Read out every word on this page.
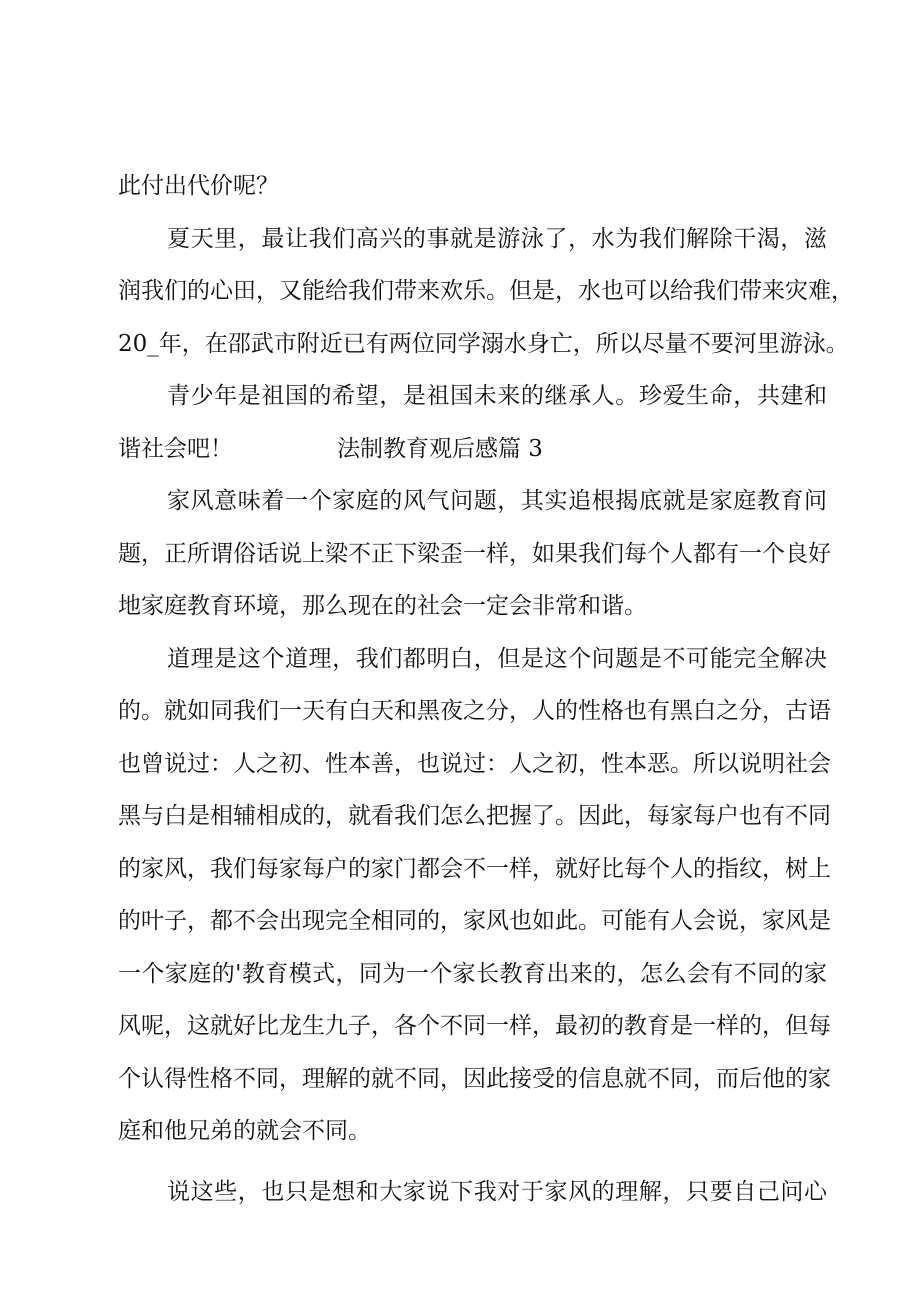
此付出代价呢？
夏天里，最让我们高兴的事就是游泳了，水为我们解除干渴，滋
润我们的心田，又能给我们带来欢乐。但是，水也可以给我们带来灾难，
20_年，在邵武市附近已有两位同学溺水身亡，所以尽量不要河里游泳。
青少年是祖国的希望，是祖国未来的继承人。珍爱生命，共建和
谐社会吧！	法制教育观后感篇 3
家风意味着一个家庭的风气问题，其实追根揭底就是家庭教育问
题，正所谓俗话说上梁不正下梁歪一样，如果我们每个人都有一个良好
地家庭教育环境，那么现在的社会一定会非常和谐。
道理是这个道理，我们都明白，但是这个问题是不可能完全解决
的。就如同我们一天有白天和黑夜之分，人的性格也有黑白之分，古语
也曾说过：人之初、性本善，也说过：人之初，性本恶。所以说明社会
黑与白是相辅相成的，就看我们怎么把握了。因此，每家每户也有不同
的家风，我们每家每户的家门都会不一样，就好比每个人的指纹，树上
的叶子，都不会出现完全相同的，家风也如此。可能有人会说，家风是
一个家庭的'教育模式，同为一个家长教育出来的，怎么会有不同的家
风呢，这就好比龙生九子，各个不同一样，最初的教育是一样的，但每
个认得性格不同，理解的就不同，因此接受的信息就不同，而后他的家
庭和他兄弟的就会不同。
说这些，也只是想和大家说下我对于家风的理解，只要自己问心
